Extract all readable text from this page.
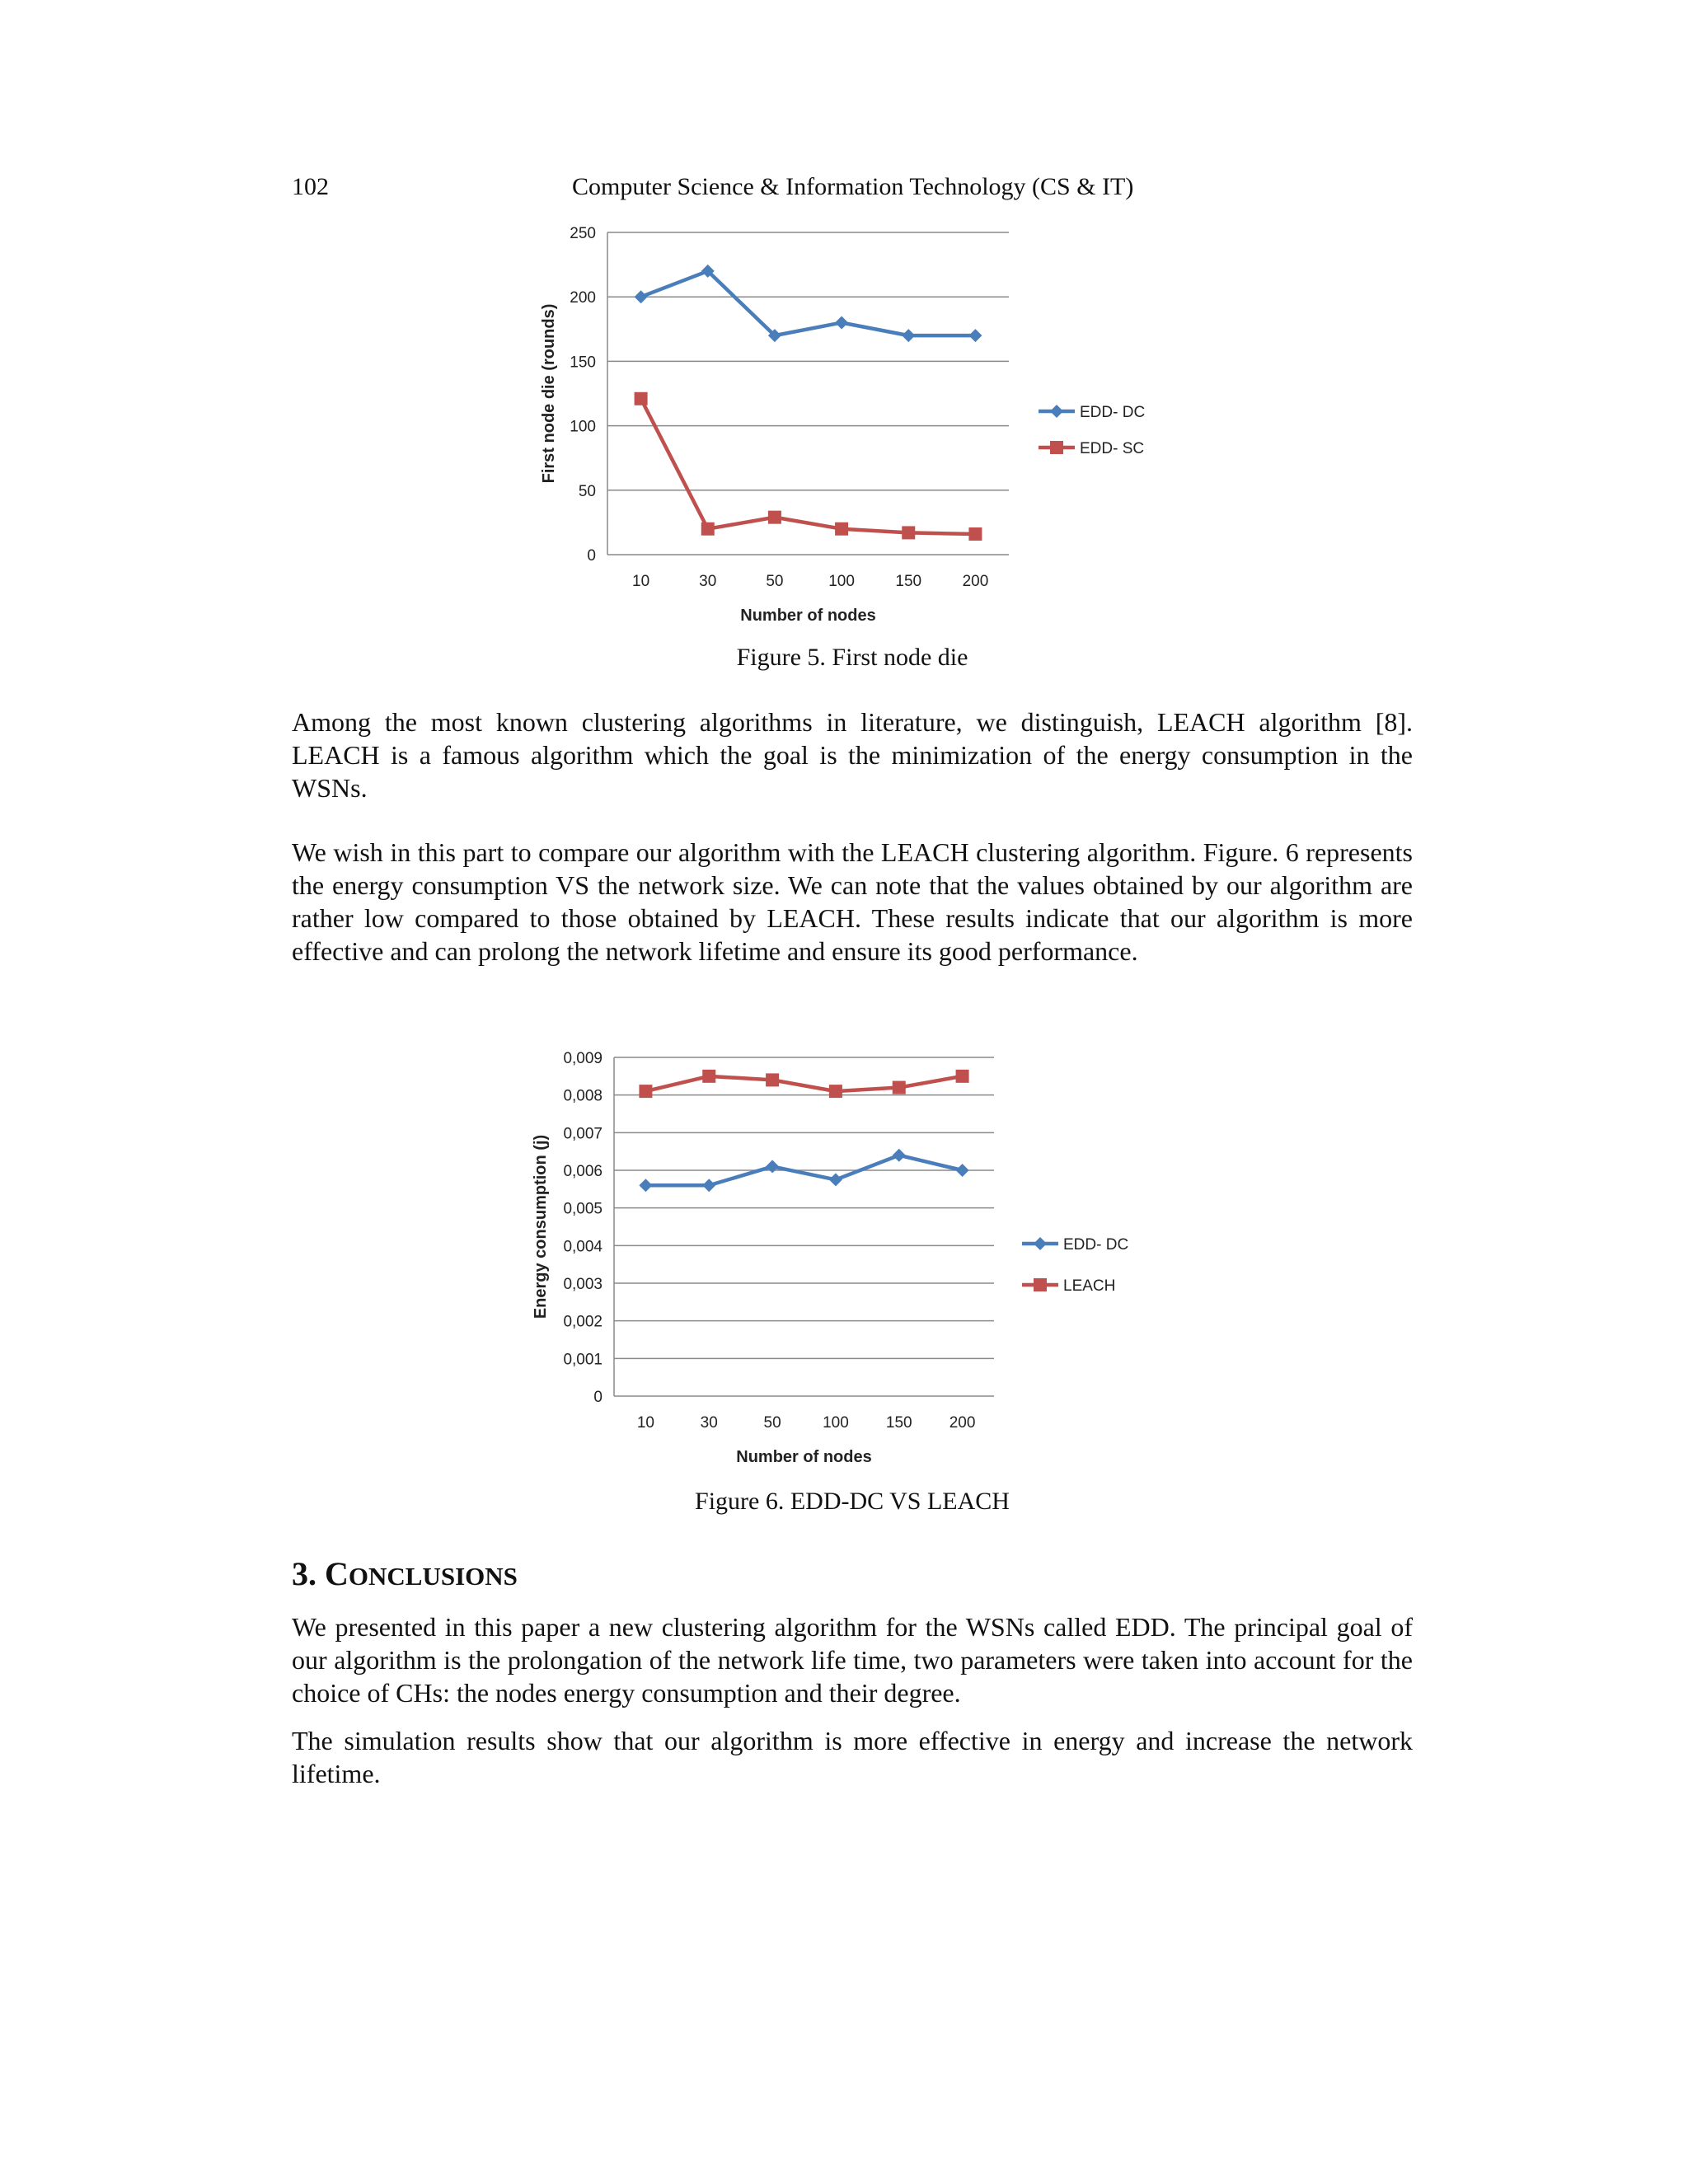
102	Computer Science & Information Technology (CS & IT)
0
50
100
150
200
250
10	30	50	100	150	200
EDD- DC
EDD- SC
Number of nodes
First node die (rounds)
Figure 5. First node die

Among the most known clustering algorithms in literature, we distinguish, LEACH algorithm [8]. LEACH is a famous algorithm which the goal is the minimization of the energy consumption in the WSNs.

We wish in this part to compare our algorithm with the LEACH clustering algorithm. Figure. 6 represents the energy consumption VS the network size. We can note that the values obtained by our algorithm are rather low compared to those obtained by LEACH. These results indicate that our algorithm is more effective and can prolong the network lifetime and ensure its good performance.

0
0,001
0,002
0,003
0,004
0,005
0,006
0,007
0,008
0,009
10	30	50	100 150 200
EDD- DC
LEACH
Number of nodes
Energy consumption (j)
Figure 6. EDD-DC VS LEACH
3. CONCLUSIONS

We presented in this paper a new clustering algorithm for the WSNs called EDD. The principal goal of our algorithm is the prolongation of the network life time, two parameters were taken into account for the choice of CHs: the nodes energy consumption and their degree.

The simulation results show that our algorithm is more effective in energy and increase the network lifetime.
